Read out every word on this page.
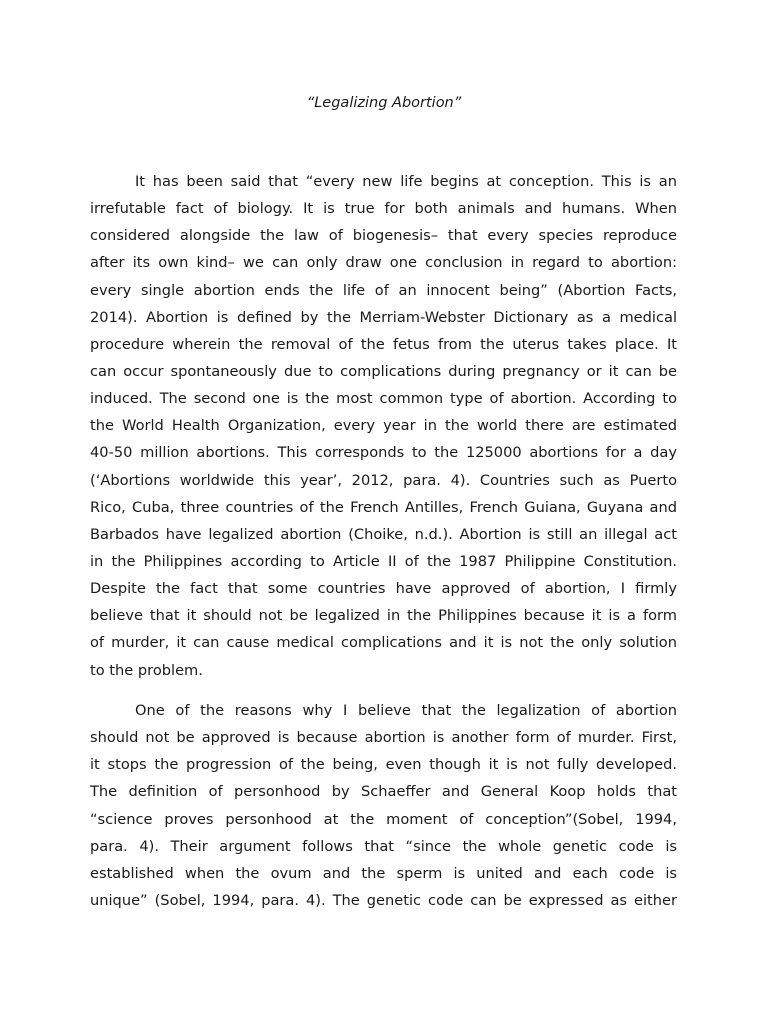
“Legalizing Abortion”

It has been said that “every new life begins at conception. This is an
irrefutable fact of biology. It is true for both animals and humans. When
considered alongside the law of biogenesis– that every species reproduce
after its own kind– we can only draw one conclusion in regard to abortion:
every single abortion ends the life of an innocent being” (Abortion Facts,
2014). Abortion is defined by the Merriam-Webster Dictionary as a medical
procedure wherein the removal of the fetus from the uterus takes place. It
can occur spontaneously due to complications during pregnancy or it can be
induced. The second one is the most common type of abortion. According to
the World Health Organization, every year in the world there are estimated
40-50 million abortions. This corresponds to the 125000 abortions for a day
(‘Abortions worldwide this year’, 2012, para. 4). Countries such as Puerto
Rico, Cuba, three countries of the French Antilles, French Guiana, Guyana and
Barbados have legalized abortion (Choike, n.d.). Abortion is still an illegal act
in the Philippines according to Article II of the 1987 Philippine Constitution.
Despite the fact that some countries have approved of abortion, I firmly
believe that it should not be legalized in the Philippines because it is a form
of murder, it can cause medical complications and it is not the only solution
to the problem.

One of the reasons why I believe that the legalization of abortion
should not be approved is because abortion is another form of murder. First,
it stops the progression of the being, even though it is not fully developed.
The definition of personhood by Schaeffer and General Koop holds that
“science proves personhood at the moment of conception”(Sobel, 1994,
para. 4). Their argument follows that “since the whole genetic code is
established when the ovum and the sperm is united and each code is
unique” (Sobel, 1994, para. 4). The genetic code can be expressed as either
